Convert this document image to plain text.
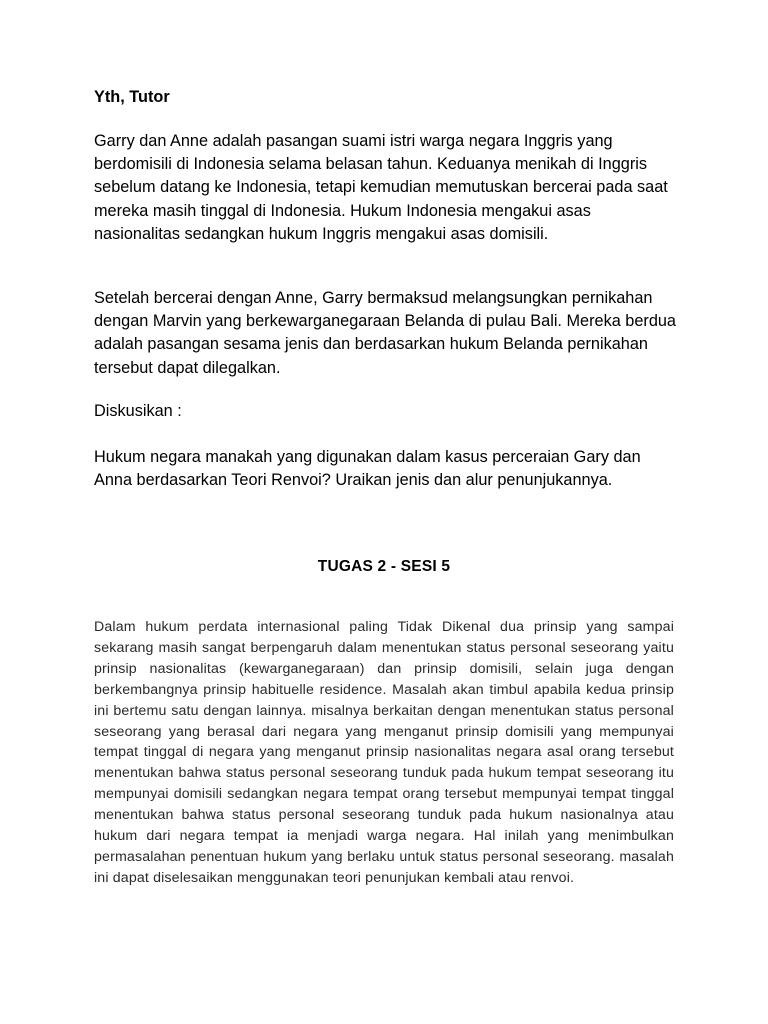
Yth, Tutor

Garry dan Anne adalah pasangan suami istri warga negara Inggris yang berdomisili di Indonesia selama belasan tahun. Keduanya menikah di Inggris sebelum datang ke Indonesia, tetapi kemudian memutuskan bercerai pada saat mereka masih tinggal di Indonesia. Hukum Indonesia mengakui asas nasionalitas sedangkan hukum Inggris mengakui asas domisili.

Setelah bercerai dengan Anne, Garry bermaksud melangsungkan pernikahan dengan Marvin yang berkewarganegaraan Belanda di pulau Bali. Mereka berdua adalah pasangan sesama jenis dan berdasarkan hukum Belanda pernikahan tersebut dapat dilegalkan.

Diskusikan :

Hukum negara manakah yang digunakan dalam kasus perceraian Gary dan Anna berdasarkan Teori Renvoi? Uraikan jenis dan alur penunjukannya.

TUGAS 2 - SESI 5

Dalam hukum perdata internasional paling Tidak Dikenal dua prinsip yang sampai sekarang masih sangat berpengaruh dalam menentukan status personal seseorang yaitu prinsip nasionalitas (kewarganegaraan) dan prinsip domisili, selain juga dengan berkembangnya prinsip habituelle residence. Masalah akan timbul apabila kedua prinsip ini bertemu satu dengan lainnya. misalnya berkaitan dengan menentukan status personal seseorang yang berasal dari negara yang menganut prinsip domisili yang mempunyai tempat tinggal di negara yang menganut prinsip nasionalitas negara asal orang tersebut menentukan bahwa status personal seseorang tunduk pada hukum tempat seseorang itu mempunyai domisili sedangkan negara tempat orang tersebut mempunyai tempat tinggal menentukan bahwa status personal seseorang tunduk pada hukum nasionalnya atau hukum dari negara tempat ia menjadi warga negara. Hal inilah yang menimbulkan permasalahan penentuan hukum yang berlaku untuk status personal seseorang. masalah ini dapat diselesaikan menggunakan teori penunjukan kembali atau renvoi.
